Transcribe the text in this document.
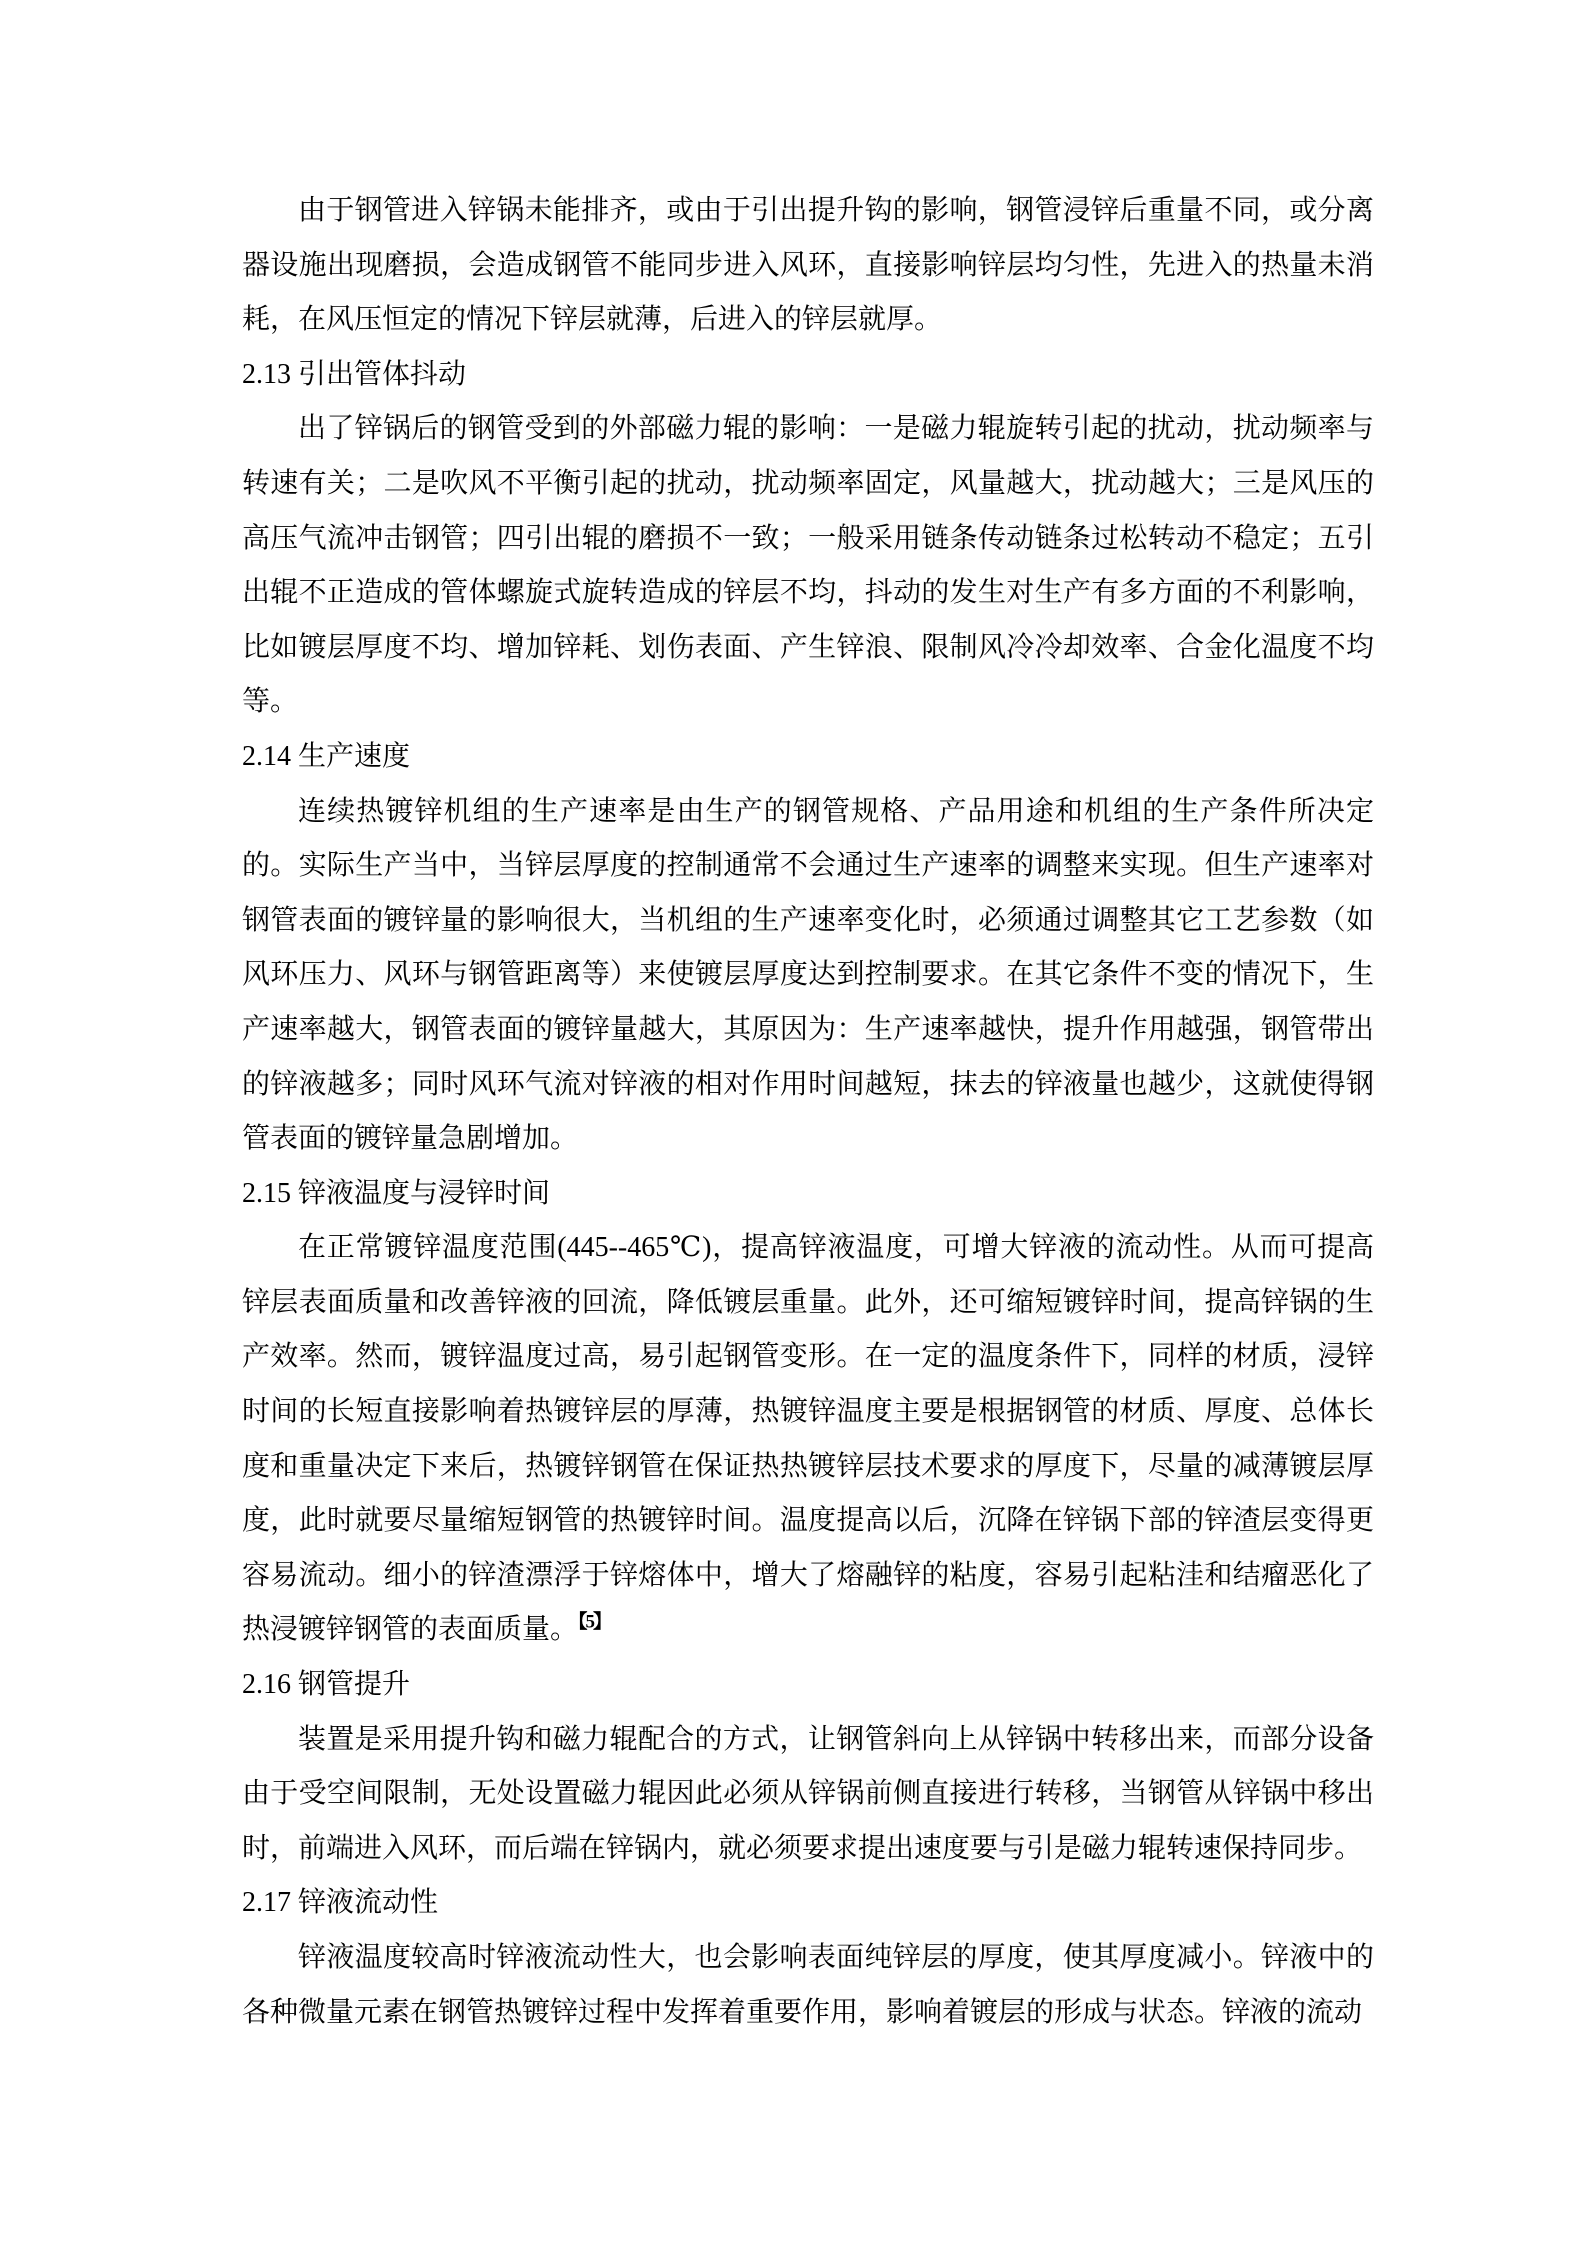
由于钢管进入锌锅未能排齐，或由于引出提升钩的影响，钢管浸锌后重量不同，或分离器设施出现磨损，会造成钢管不能同步进入风环，直接影响锌层均匀性，先进入的热量未消耗，在风压恒定的情况下锌层就薄，后进入的锌层就厚。

2.13 引出管体抖动

出了锌锅后的钢管受到的外部磁力辊的影响：一是磁力辊旋转引起的扰动，扰动频率与转速有关；二是吹风不平衡引起的扰动，扰动频率固定，风量越大，扰动越大；三是风压的高压气流冲击钢管；四引出辊的磨损不一致；一般采用链条传动链条过松转动不稳定；五引出辊不正造成的管体螺旋式旋转造成的锌层不均，抖动的发生对生产有多方面的不利影响，比如镀层厚度不均、增加锌耗、划伤表面、产生锌浪、限制风冷冷却效率、合金化温度不均等。

2.14 生产速度

连续热镀锌机组的生产速率是由生产的钢管规格、产品用途和机组的生产条件所决定的。实际生产当中，当锌层厚度的控制通常不会通过生产速率的调整来实现。但生产速率对钢管表面的镀锌量的影响很大，当机组的生产速率变化时，必须通过调整其它工艺参数（如风环压力、风环与钢管距离等）来使镀层厚度达到控制要求。在其它条件不变的情况下，生产速率越大，钢管表面的镀锌量越大，其原因为：生产速率越快，提升作用越强，钢管带出的锌液越多；同时风环气流对锌液的相对作用时间越短，抹去的锌液量也越少，这就使得钢管表面的镀锌量急剧增加。

2.15 锌液温度与浸锌时间

在正常镀锌温度范围(445--465℃)，提高锌液温度，可增大锌液的流动性。从而可提高锌层表面质量和改善锌液的回流，降低镀层重量。此外，还可缩短镀锌时间，提高锌锅的生产效率。然而，镀锌温度过高，易引起钢管变形。在一定的温度条件下，同样的材质，浸锌时间的长短直接影响着热镀锌层的厚薄，热镀锌温度主要是根据钢管的材质、厚度、总体长度和重量决定下来后，热镀锌钢管在保证热热镀锌层技术要求的厚度下，尽量的减薄镀层厚度，此时就要尽量缩短钢管的热镀锌时间。温度提高以后，沉降在锌锅下部的锌渣层变得更容易流动。细小的锌渣漂浮于锌熔体中，增大了熔融锌的粘度，容易引起粘洼和结瘤恶化了热浸镀锌钢管的表面质量。$^{【5】}$

2.16 钢管提升

装置是采用提升钩和磁力辊配合的方式，让钢管斜向上从锌锅中转移出来，而部分设备由于受空间限制，无处设置磁力辊因此必须从锌锅前侧直接进行转移，当钢管从锌锅中移出时，前端进入风环，而后端在锌锅内，就必须要求提出速度要与引是磁力辊转速保持同步。

2.17 锌液流动性

锌液温度较高时锌液流动性大，也会影响表面纯锌层的厚度，使其厚度减小。锌液中的各种微量元素在钢管热镀锌过程中发挥着重要作用，影响着镀层的形成与状态。锌液的流动
